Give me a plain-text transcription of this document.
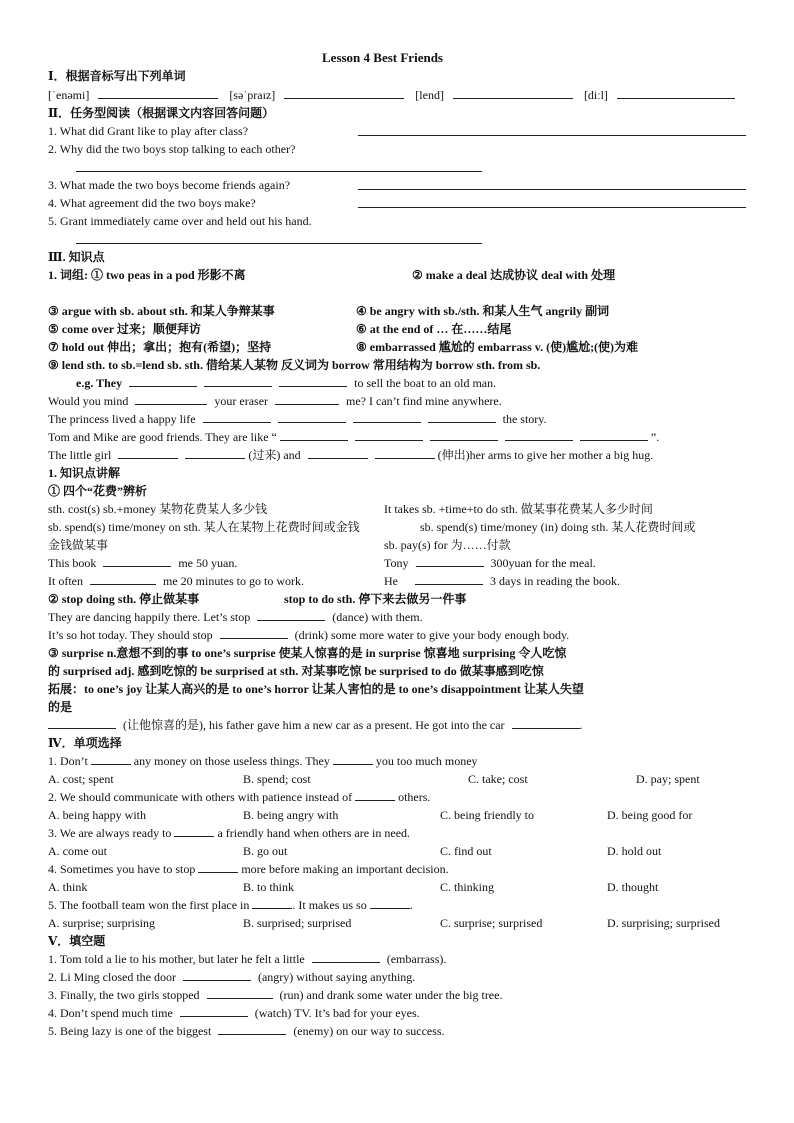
Lesson 4 Best Friends
Ⅰ．根据音标写出下列单词
[ˈenəmi]	[səˈpraɪz]	[lend]	[diːl]
Ⅱ．任务型阅读（根据课文内容回答问题）
1. What did Grant like to play after class?
2. Why did the two boys stop talking to each other?
3. What made the two boys become friends again?
4. What agreement did the two boys make?
5. Grant immediately came over and held out his hand.
Ⅲ. 知识点
1. 词组: ① two peas in a pod 形影不离	② make a deal 达成协议 deal with 处理
③ argue with sb. about sth. 和某人争辩某事	④ be angry with sb./sth. 和某人生气 angrily 副词
⑤ come over 过来；顺便拜访	⑥ at the end of … 在……结尾
⑦ hold out 伸出；拿出；抱有(希望)；坚持	⑧ embarrassed 尴尬的 embarrass v. (使)尴尬;(使)为难
⑨ lend sth. to sb.=lend sb. sth. 借给某人某物 反义词为 borrow 常用结构为 borrow sth. from sb.
e.g. They	to sell the boat to an old man.
Would you mind	your eraser	me? I can’t find mine anywhere.
The princess lived a happy life	the story.
Tom and Mike are good friends. They are like “	”.
The little girl	(过来) and	(伸出)her arms to give her mother a big hug.
1. 知识点讲解
① 四个“花费”辨析
sth. cost(s) sb.+money 某物花费某人多少钱	It takes sb. +time+to do sth. 做某事花费某人多少时间
sb. spend(s) time/money on sth. 某人在某物上花费时间或金钱	sb. spend(s) time/money (in) doing sth. 某人花费时间或
金钱做某事	sb. pay(s) for 为……付款
This book	me 50 yuan.	Tony	300yuan for the meal.
It often	me 20 minutes to go to work.	He	3 days in reading the book.
② stop doing sth. 停止做某事	stop to do sth. 停下来去做另一件事
They are dancing happily there. Let’s stop	(dance) with them.
It’s so hot today. They should stop	(drink) some more water to give your body enough body.
③ surprise n.意想不到的事 to one’s surprise 使某人惊喜的是 in surprise 惊喜地 surprising 令人吃惊
的 surprised adj. 感到吃惊的 be surprised at sth. 对某事吃惊 be surprised to do 做某事感到吃惊
拓展：to one’s joy 让某人高兴的是 to one’s horror 让某人害怕的是 to one’s disappointment 让某人失望
的是
(让他惊喜的是), his father gave him a new car as a present. He got into the car	.
Ⅳ．单项选择
1. Don’t	any money on those useless things. They	you too much money
A. cost; spent	B. spend; cost	C. take; cost	D. pay; spent
2. We should communicate with others with patience instead of	others.
A. being happy with	B. being angry with	C. being friendly to	D. being good for
3. We are always ready to	a friendly hand when others are in need.
A. come out	B. go out	C. find out	D. hold out
4. Sometimes you have to stop	more before making an important decision.
A. think	B. to think	C. thinking	D. thought
5. The football team won the first place in	. It makes us so	.
A. surprise; surprising	B. surprised; surprised	C. surprise; surprised	D. surprising; surprised
Ⅴ．填空题
1. Tom told a lie to his mother, but later he felt a little	(embarrass).
2. Li Ming closed the door	(angry) without saying anything.
3. Finally, the two girls stopped	(run) and drank some water under the big tree.
4. Don’t spend much time	(watch) TV. It’s bad for your eyes.
5. Being lazy is one of the biggest	(enemy) on our way to success.
